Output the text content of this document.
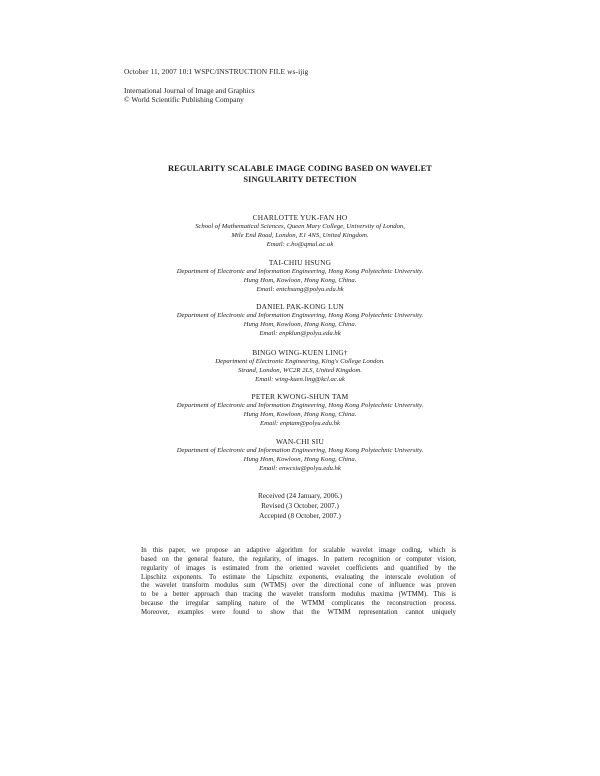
October 11, 2007 10:1 WSPC/INSTRUCTION FILE ws-ijig
International Journal of Image and Graphics
© World Scientific Publishing Company
REGULARITY SCALABLE IMAGE CODING BASED ON WAVELET
SINGULARITY DETECTION
CHARLOTTE YUK-FAN HO
School of Mathematical Sciences, Queen Mary College, University of London,
Mile End Road, London, E1 4NS, United Kingdom.
Email: c.ho@qmul.ac.uk
TAI-CHIU HSUNG
Department of Electronic and Information Engineering, Hong Kong Polytechnic University.
Hung Hom, Kowloon, Hong Kong, China.
Email: entchsung@polyu.edu.hk
DANIEL PAK-KONG LUN
Department of Electronic and Information Engineering, Hong Kong Polytechnic University.
Hung Hom, Kowloon, Hong Kong, China.
Email: enpklun@polyu.edu.hk
BINGO WING-KUEN LING†
Department of Electronic Engineering, King's College London.
Strand, London, WC2R 2LS, United Kingdom.
Email: wing-kuen.ling@kcl.ac.uk
PETER KWONG-SHUN TAM
Department of Electronic and Information Engineering, Hong Kong Polytechnic University.
Hung Hom, Kowloon, Hong Kong, China.
Email: enptam@polyu.edu.hk
WAN-CHI SIU
Department of Electronic and Information Engineering, Hong Kong Polytechnic University.
Hung Hom, Kowloon, Hong Kong, China.
Email: enwcsiu@polyu.edu.hk
Received (24 January, 2006.)
Revised (3 October, 2007.)
Accepted (8 October, 2007.)
In this paper, we propose an adaptive algorithm for scalable wavelet image coding, which is
based on the general feature, the regularity, of images. In pattern recognition or computer vision,
regularity of images is estimated from the oriented wavelet coefficients and quantified by the
Lipschitz exponents. To estimate the Lipschitz exponents, evaluating the interscale evolution of
the wavelet transform modulus sum (WTMS) over the directional cone of influence was proven
to be a better approach than tracing the wavelet transform modulus maxima (WTMM). This is
because the irregular sampling nature of the WTMM complicates the reconstruction process.
Moreover, examples were found to show that the WTMM representation cannot uniquely
